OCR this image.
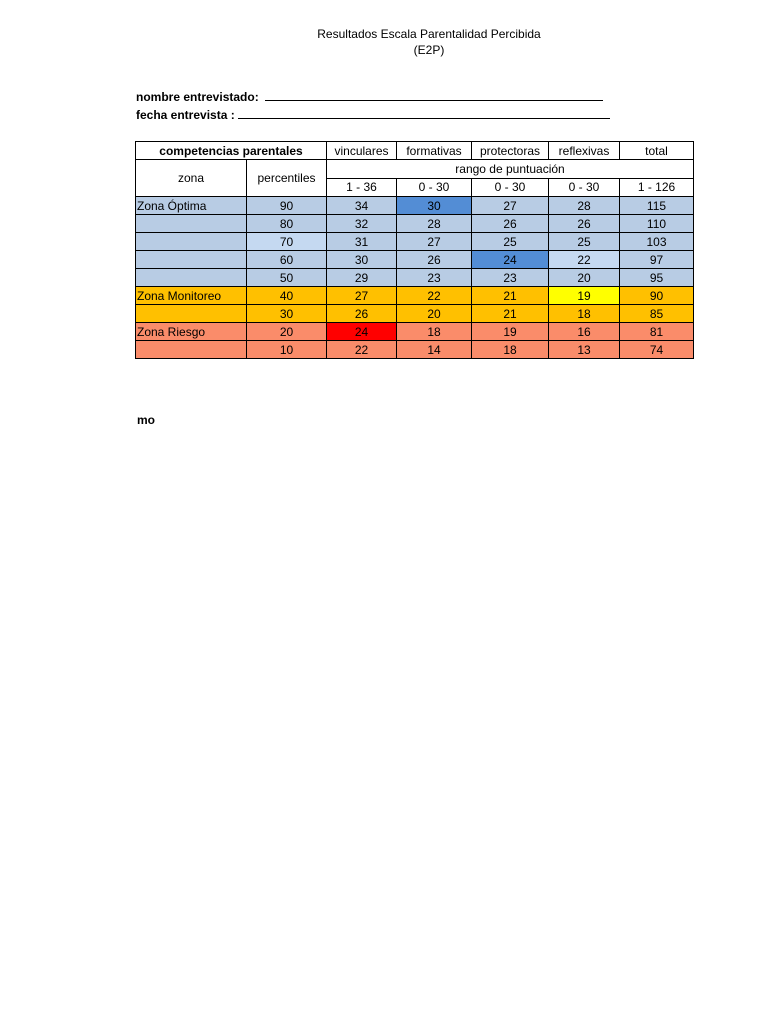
Resultados Escala Parentalidad Percibida
(E2P)
nombre entrevistado:
fecha entrevista :
competencias parentales		vinculares	formativas	protectoras	reflexivas	total
zona	percentiles	rango de puntuación				
		1 - 36	0 - 30	0 - 30	0 - 30	1 - 126
Zona Óptima	90	34	30	27	28	115
	80	32	28	26	26	110
	70	31	27	25	25	103
	60	30	26	24	22	97
	50	29	23	23	20	95
Zona Monitoreo	40	27	22	21	19	90
	30	26	20	21	18	85
Zona Riesgo	20	24	18	19	16	81
	10	22	14	18	13	74
mo
